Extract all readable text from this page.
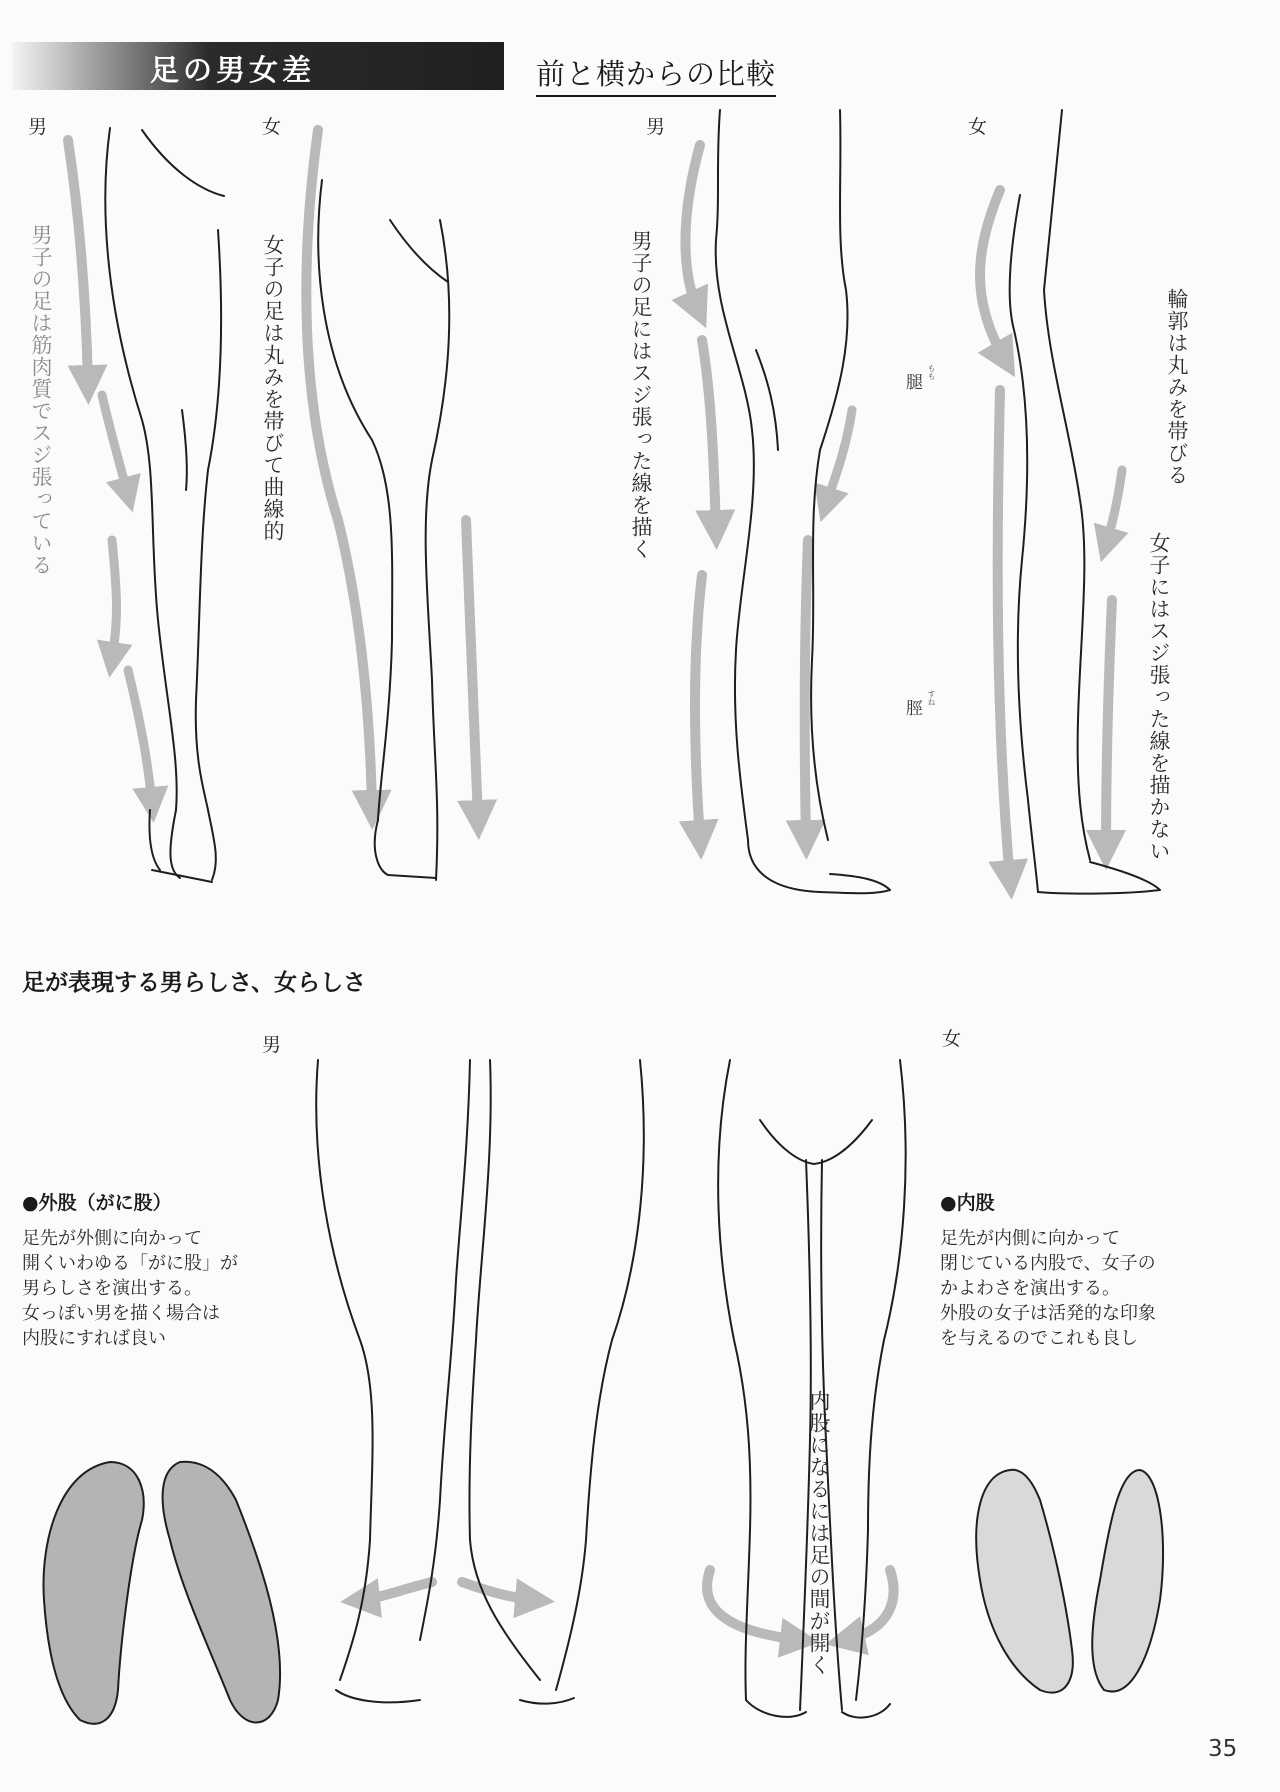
足の男女差	前と横からの比較
男	女
男子の足は筋肉質でスジ張っている	女子の足は丸みを帯びて曲線的
男	女
男子の足にはスジ張った線を描く	腿
もも
脛
すね
輪郭は丸みを帯びる
女子にはスジ張った線を描かない
足が表現する男らしさ、女らしさ
男	女
●外股（がに股）
足先が外側に向かって
開くいわゆる「がに股」が
男らしさを演出する。
女っぽい男を描く場合は
内股にすれば良い
●内股
足先が内側に向かって
閉じている内股で、女子の
かよわさを演出する。
外股の女子は活発的な印象
を与えるのでこれも良し
内股になるには足の間が開く
35
